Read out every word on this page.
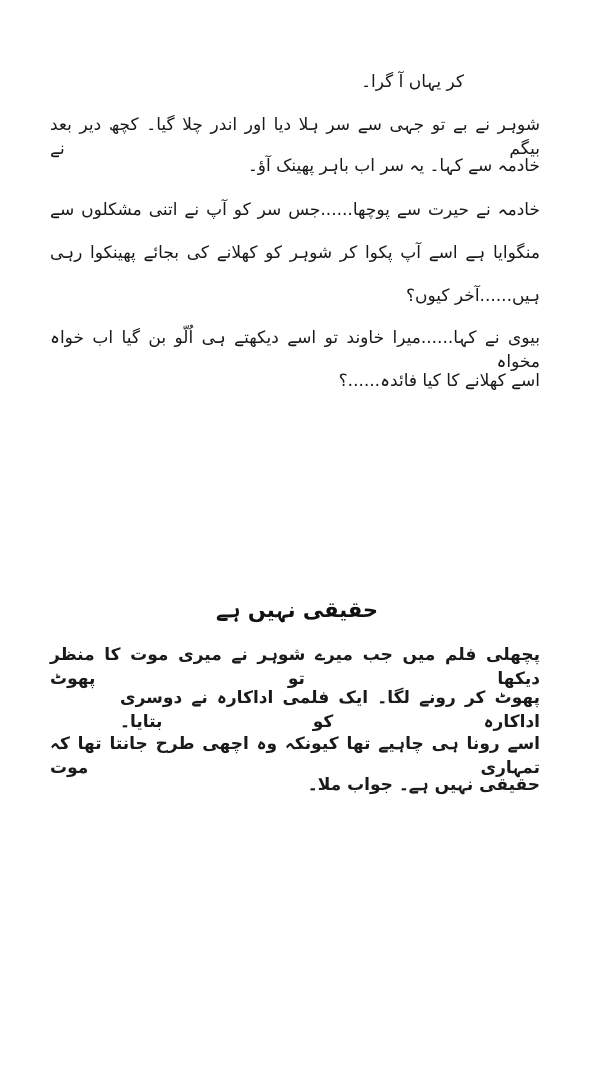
کر یہاں آ گرا۔
شوہر نے بے تو جہی سے سر ہلا دیا اور اندر چلا گیا۔ کچھ دیر بعد بیگم نے
خادمہ سے کہا۔ یہ سر اب باہر پھینک آؤ۔
خادمہ نے حیرت سے پوچھا......جس سر کو آپ نے اتنی مشکلوں سے
منگوایا ہے اسے آپ پکوا کر شوہر کو کھلانے کی بجائے پھینکوا رہی
ہیں......آخر کیوں؟
بیوی نے کہا......میرا خاوند تو اسے دیکھتے ہی اُلّو بن گیا اب خواہ مخواہ
اسے کھلانے کا کیا فائدہ......؟
حقیقی نہیں ہے
پچھلی فلم میں جب میرے شوہر نے میری موت کا منظر دیکھا تو پھوٹ
پھوٹ کر رونے لگا۔ ایک فلمی اداکارہ نے دوسری اداکارہ کو بتایا۔
اسے رونا ہی چاہیے تھا کیونکہ وہ اچھی طرح جانتا تھا کہ تمہاری موت
حقیقی نہیں ہے۔ جواب ملا۔
